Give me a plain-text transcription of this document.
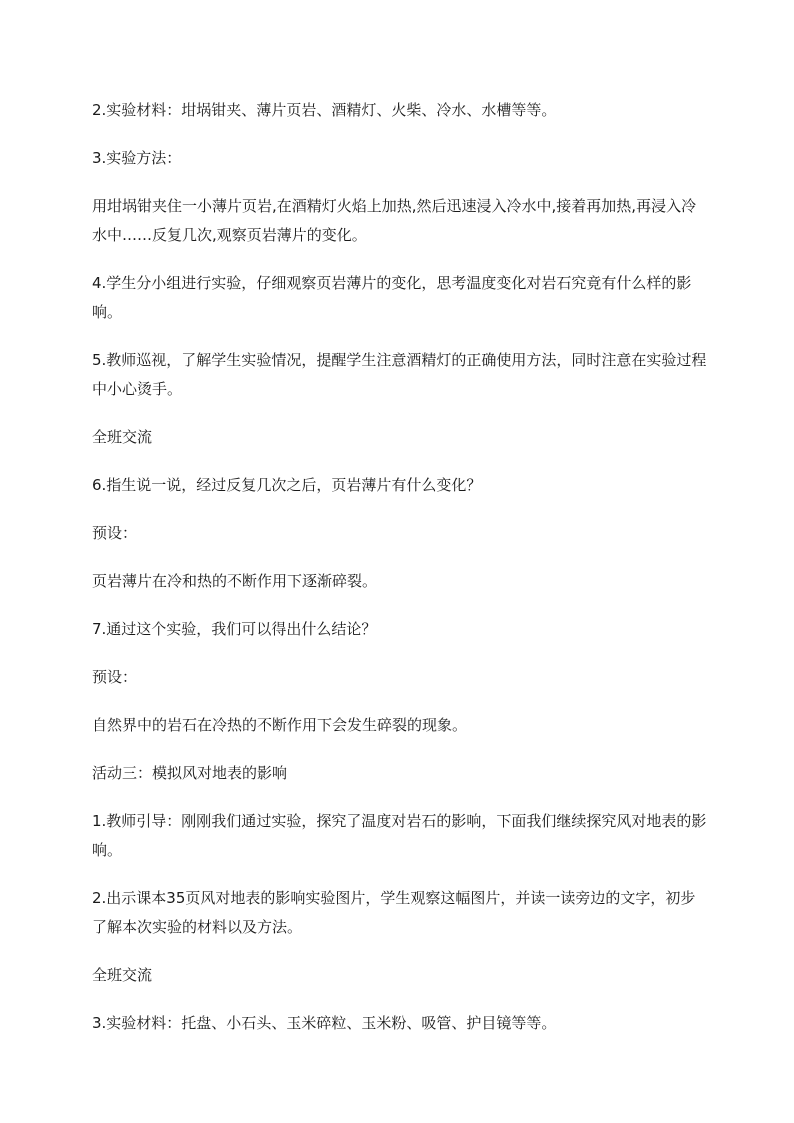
2.实验材料：坩埚钳夹、薄片页岩、酒精灯、火柴、冷水、水槽等等。

3.实验方法：

用坩埚钳夹住一小薄片页岩,在酒精灯火焰上加热,然后迅速浸入冷水中,接着再加热,再浸入冷水中……反复几次,观察页岩薄片的变化。

4.学生分小组进行实验，仔细观察页岩薄片的变化，思考温度变化对岩石究竟有什么样的影响。

5.教师巡视，了解学生实验情况，提醒学生注意酒精灯的正确使用方法，同时注意在实验过程中小心烫手。

全班交流

6.指生说一说，经过反复几次之后，页岩薄片有什么变化？

预设：

页岩薄片在冷和热的不断作用下逐渐碎裂。

7.通过这个实验，我们可以得出什么结论？

预设：

自然界中的岩石在冷热的不断作用下会发生碎裂的现象。

活动三：模拟风对地表的影响

1.教师引导：刚刚我们通过实验，探究了温度对岩石的影响，下面我们继续探究风对地表的影响。

2.出示课本35页风对地表的影响实验图片，学生观察这幅图片，并读一读旁边的文字，初步了解本次实验的材料以及方法。

全班交流

3.实验材料：托盘、小石头、玉米碎粒、玉米粉、吸管、护目镜等等。
